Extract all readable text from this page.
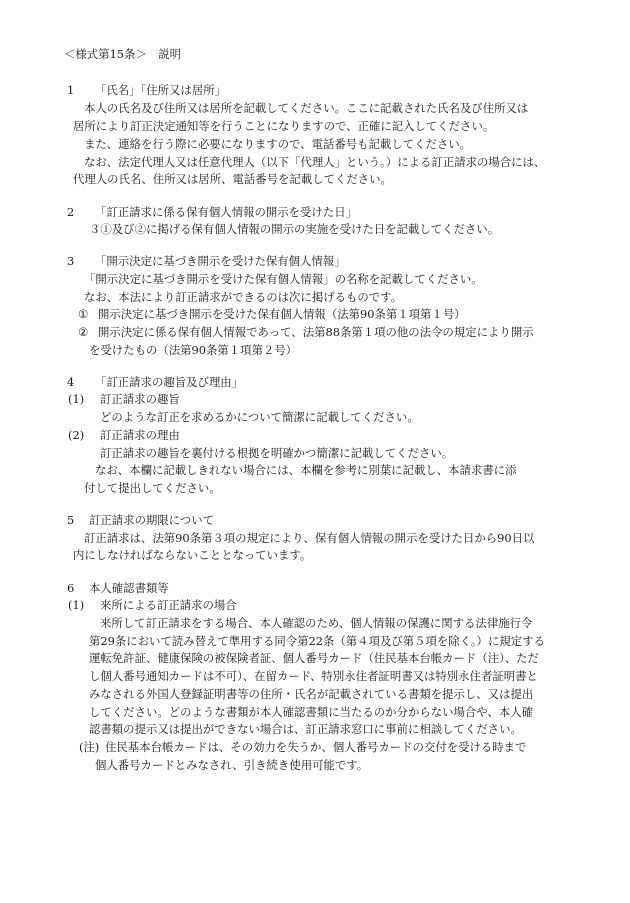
＜様式第15条＞　説明
1 「氏名」「住所又は居所」
本人の氏名及び住所又は居所を記載してください。ここに記載された氏名及び住所又は
居所により訂正決定通知等を行うことになりますので、正確に記入してください。
また、連絡を行う際に必要になりますので、電話番号も記載してください。
なお、法定代理人又は任意代理人（以下「代理人」という。）による訂正請求の場合には、
代理人の氏名、住所又は居所、電話番号を記載してください。
2 「訂正請求に係る保有個人情報の開示を受けた日」
３①及び②に掲げる保有個人情報の開示の実施を受けた日を記載してください。
3 「開示決定に基づき開示を受けた保有個人情報」
「開示決定に基づき開示を受けた保有個人情報」の名称を記載してください。
なお、本法により訂正請求ができるのは次に掲げるものです。
① 開示決定に基づき開示を受けた保有個人情報（法第90条第１項第１号）
② 開示決定に係る保有個人情報であって、法第88条第１項の他の法令の規定により開示
を受けたもの（法第90条第１項第２号）
4 「訂正請求の趣旨及び理由」
(1) 訂正請求の趣旨
どのような訂正を求めるかについて簡潔に記載してください。
(2) 訂正請求の理由
訂正請求の趣旨を裏付ける根拠を明確かつ簡潔に記載してください。
なお、本欄に記載しきれない場合には、本欄を参考に別葉に記載し、本請求書に添
付して提出してください。
5 訂正請求の期限について
訂正請求は、法第90条第３項の規定により、保有個人情報の開示を受けた日から90日以
内にしなければならないこととなっています。
6 本人確認書類等
(1) 来所による訂正請求の場合
来所して訂正請求をする場合、本人確認のため、個人情報の保護に関する法律施行令
第29条において読み替えて準用する同令第22条（第４項及び第５項を除く。）に規定する
運転免許証、健康保険の被保険者証、個人番号カード（住民基本台帳カード（注）、ただ
し個人番号通知カードは不可）、在留カード、特別永住者証明書又は特別永住者証明書と
みなされる外国人登録証明書等の住所・氏名が記載されている書類を提示し、又は提出
してください。どのような書類が本人確認書類に当たるのか分からない場合や、本人確
認書類の提示又は提出ができない場合は、訂正請求窓口に事前に相談してください。
(注) 住民基本台帳カードは、その効力を失うか、個人番号カードの交付を受ける時まで
個人番号カードとみなされ、引き続き使用可能です。
